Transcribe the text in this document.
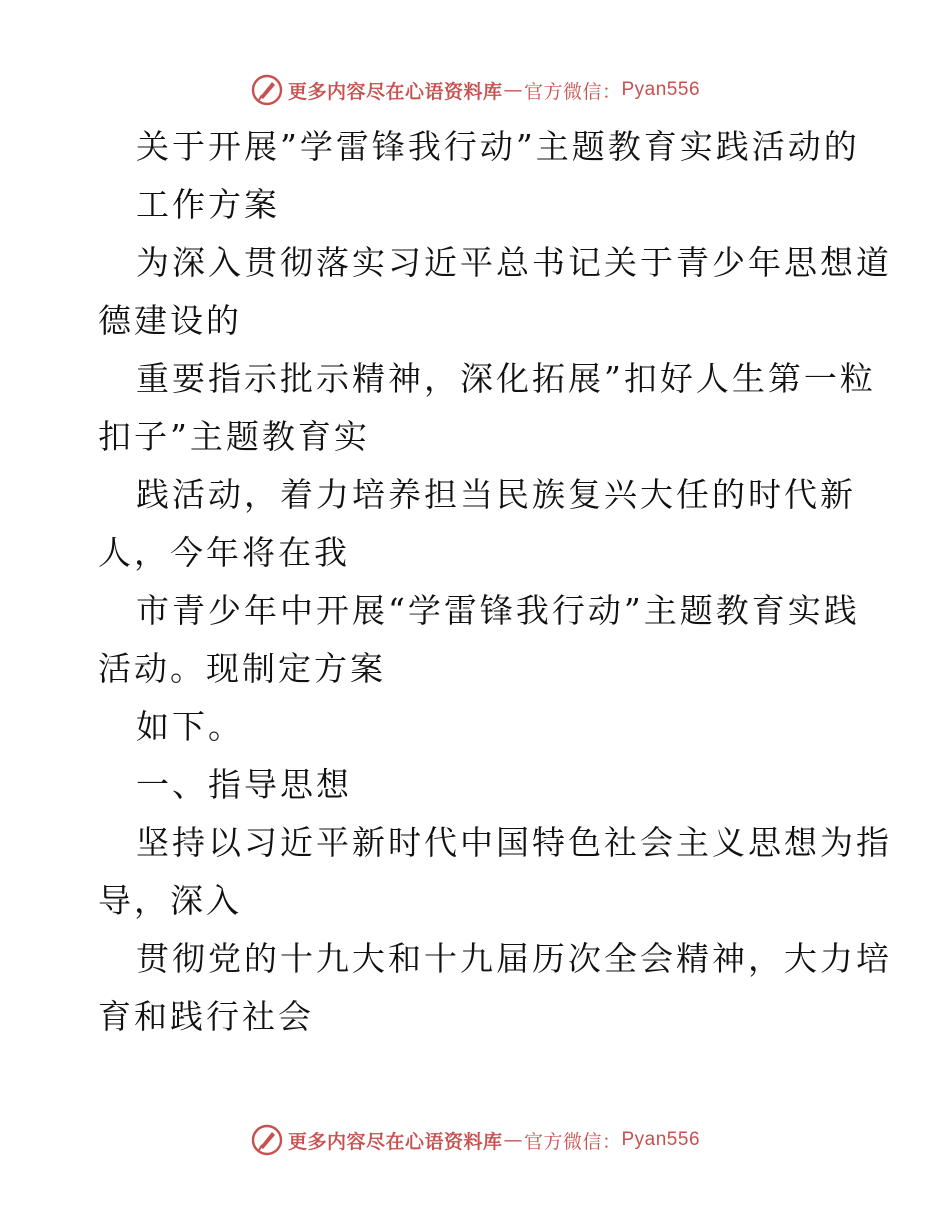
更多内容尽在心语资料库 — 官方微信： Pyan556
关于开展”学雷锋我行动”主题教育实践活动的
工作方案
为深入贯彻落实习近平总书记关于青少年思想道
德建设的
重要指示批示精神，深化拓展”扣好人生第一粒
扣子”主题教育实
践活动，着力培养担当民族复兴大任的时代新
人，今年将在我
市青少年中开展“学雷锋我行动”主题教育实践
活动。现制定方案
如下。
一、指导思想
坚持以习近平新时代中国特色社会主义思想为指
导，深入
贯彻党的十九大和十九届历次全会精神，大力培
育和践行社会
更多内容尽在心语资料库 — 官方微信： Pyan556
